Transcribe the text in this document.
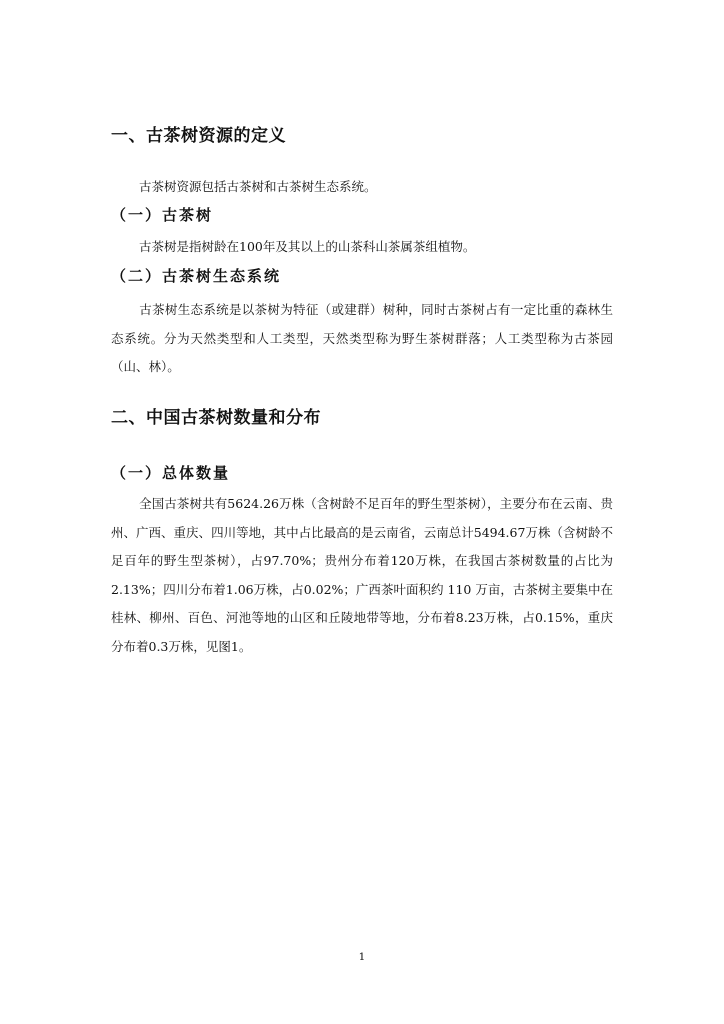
一、古茶树资源的定义

古茶树资源包括古茶树和古茶树生态系统。

（一）古茶树

古茶树是指树龄在100年及其以上的山茶科山茶属茶组植物。

（二）古茶树生态系统

古茶树生态系统是以茶树为特征（或建群）树种，同时古茶树占有一定比重的森林生态系统。分为天然类型和人工类型，天然类型称为野生茶树群落；人工类型称为古茶园（山、林）。

二、中国古茶树数量和分布
（一）总体数量

全国古茶树共有5624.26万株（含树龄不足百年的野生型茶树），主要分布在云南、贵州、广西、重庆、四川等地，其中占比最高的是云南省，云南总计5494.67万株（含树龄不足百年的野生型茶树），占97.70%；贵州分布着120万株，在我国古茶树数量的占比为2.13%；四川分布着1.06万株，占0.02%；广西茶叶面积约 110 万亩，古茶树主要集中在桂林、柳州、百色、河池等地的山区和丘陵地带等地，分布着8.23万株，占0.15%，重庆分布着0.3万株，见图1。

1
